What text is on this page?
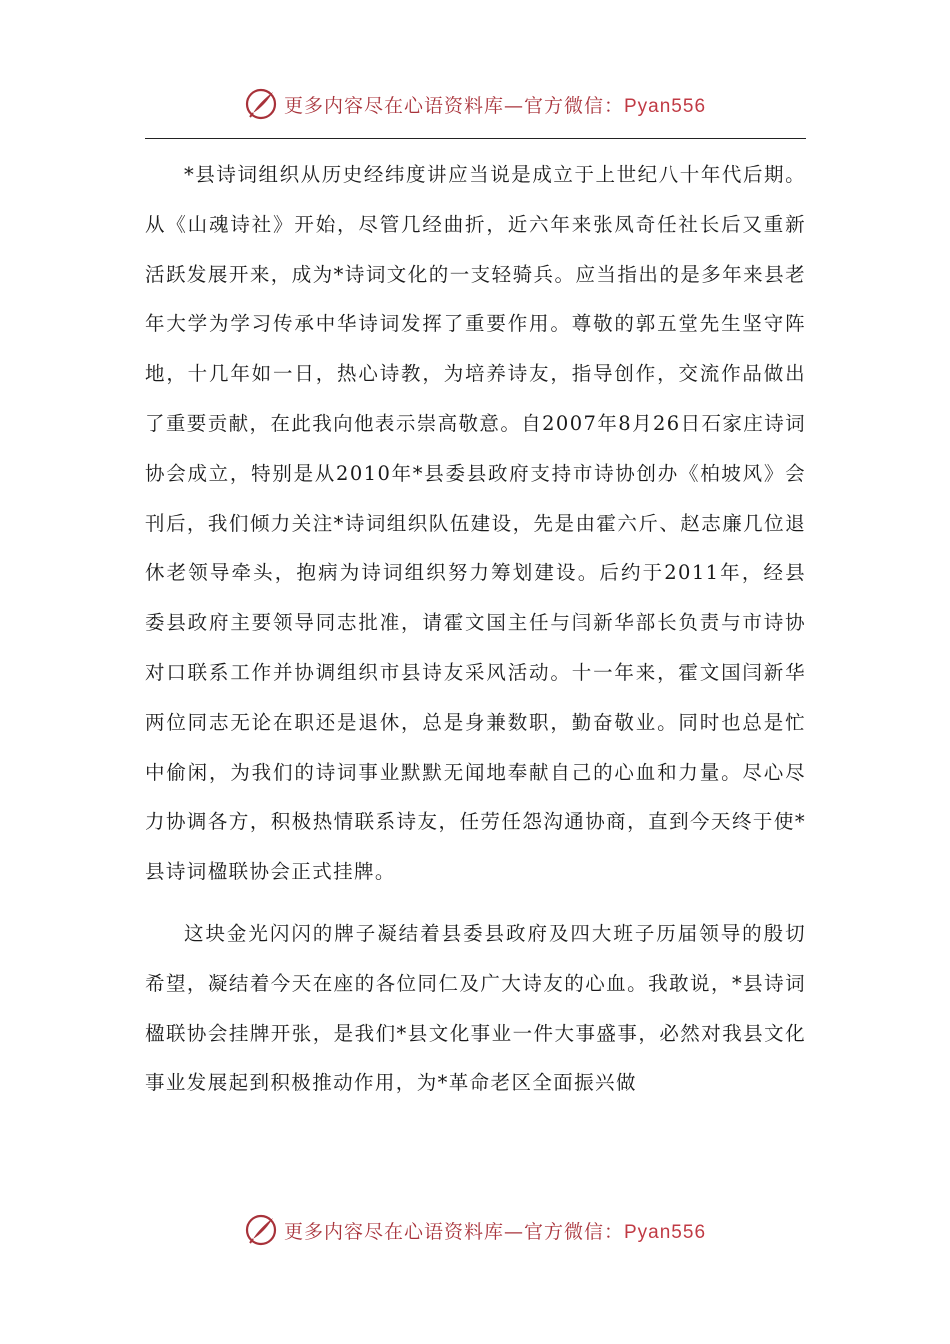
更多内容尽在心语资料库—官方微信：Pyan556

*县诗词组织从历史经纬度讲应当说是成立于上世纪八十年代后期。从《山魂诗社》开始，尽管几经曲折，近六年来张凤奇任社长后又重新活跃发展开来，成为*诗词文化的一支轻骑兵。应当指出的是多年来县老年大学为学习传承中华诗词发挥了重要作用。尊敬的郭五堂先生坚守阵地，十几年如一日，热心诗教，为培养诗友，指导创作，交流作品做出了重要贡献，在此我向他表示崇高敬意。自2007年8月26日石家庄诗词协会成立，特别是从2010年*县委县政府支持市诗协创办《柏坡风》会刊后，我们倾力关注*诗词组织队伍建设，先是由霍六斤、赵志廉几位退休老领导牵头，抱病为诗词组织努力筹划建设。后约于2011年，经县委县政府主要领导同志批准，请霍文国主任与闫新华部长负责与市诗协对口联系工作并协调组织市县诗友采风活动。十一年来，霍文国闫新华两位同志无论在职还是退休，总是身兼数职，勤奋敬业。同时也总是忙中偷闲，为我们的诗词事业默默无闻地奉献自己的心血和力量。尽心尽力协调各方，积极热情联系诗友，任劳任怨沟通协商，直到今天终于使*县诗词楹联协会正式挂牌。

这块金光闪闪的牌子凝结着县委县政府及四大班子历届领导的殷切希望，凝结着今天在座的各位同仁及广大诗友的心血。我敢说，*县诗词楹联协会挂牌开张，是我们*县文化事业一件大事盛事，必然对我县文化事业发展起到积极推动作用，为*革命老区全面振兴做

更多内容尽在心语资料库—官方微信：Pyan556
